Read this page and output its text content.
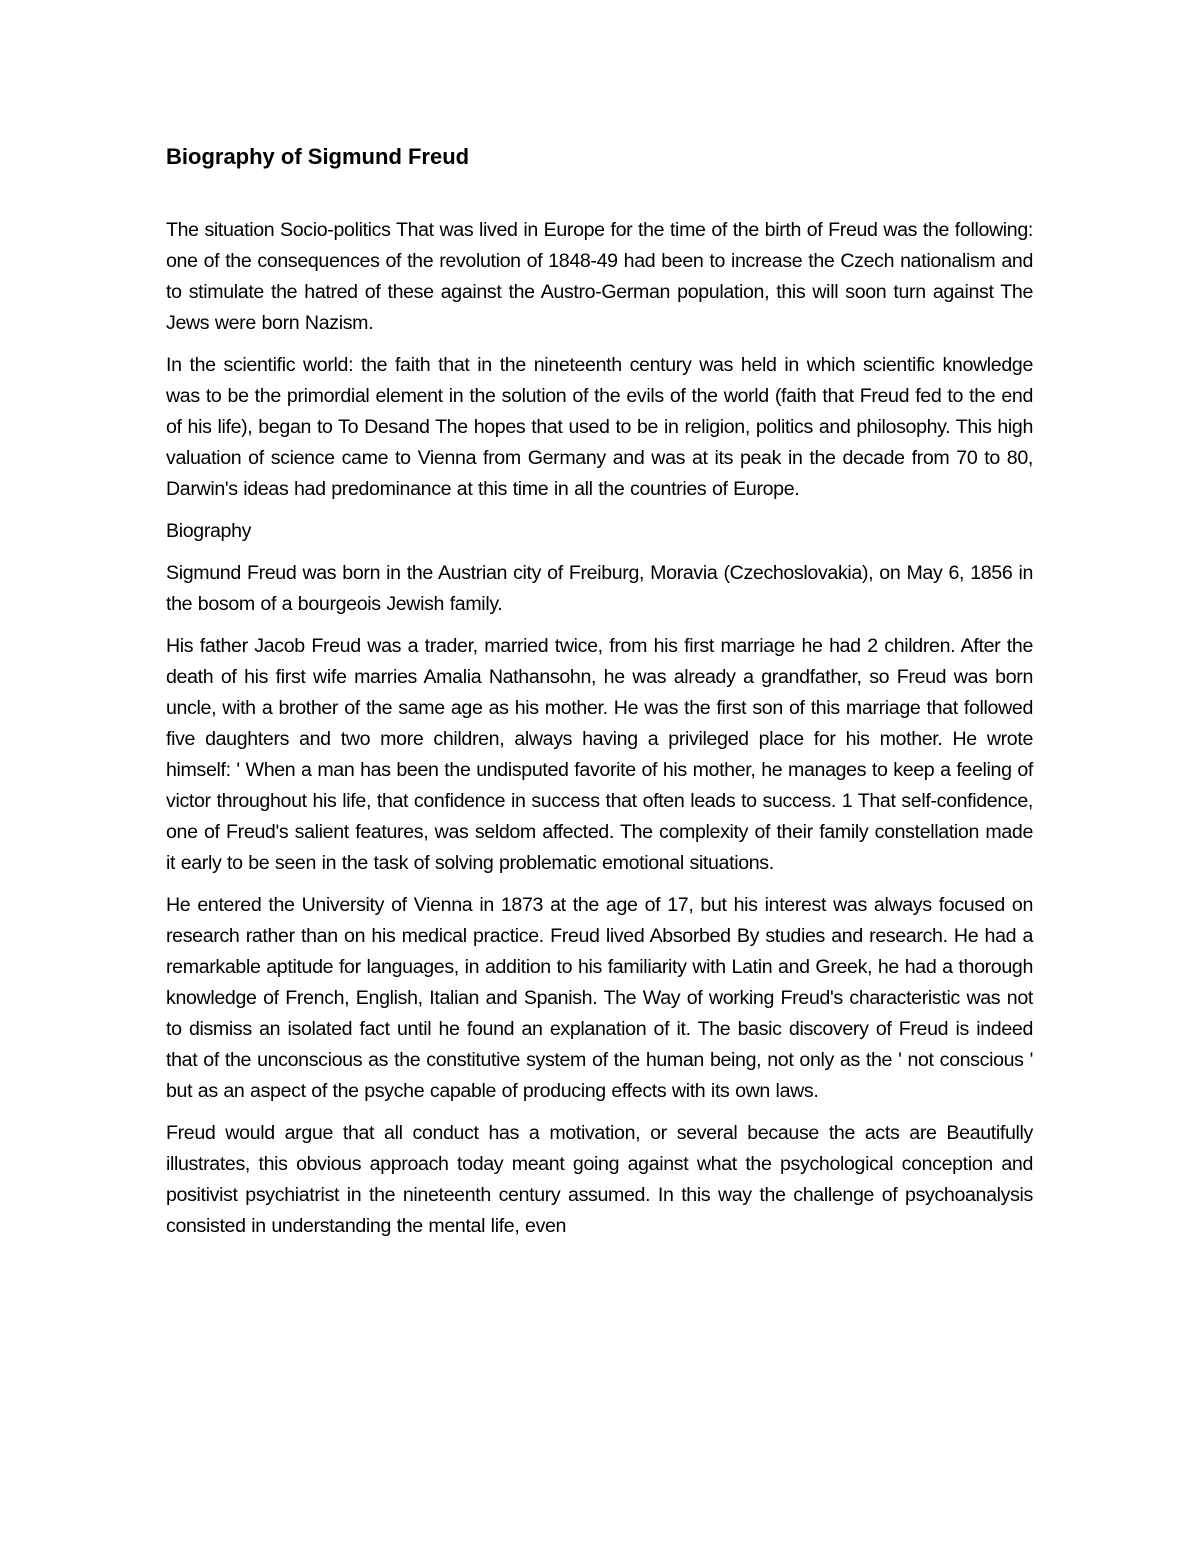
Biography of Sigmund Freud

The situation Socio-politics That was lived in Europe for the time of the birth of Freud was the following: one of the consequences of the revolution of 1848-49 had been to increase the Czech nationalism and to stimulate the hatred of these against the Austro-German population, this will soon turn against The Jews were born Nazism.

In the scientific world: the faith that in the nineteenth century was held in which scientific knowledge was to be the primordial element in the solution of the evils of the world (faith that Freud fed to the end of his life), began to To Desand The hopes that used to be in religion, politics and philosophy. This high valuation of science came to Vienna from Germany and was at its peak in the decade from 70 to 80, Darwin's ideas had predominance at this time in all the countries of Europe.

Biography

Sigmund Freud was born in the Austrian city of Freiburg, Moravia (Czechoslovakia), on May 6, 1856 in the bosom of a bourgeois Jewish family.

His father Jacob Freud was a trader, married twice, from his first marriage he had 2 children. After the death of his first wife marries Amalia Nathansohn, he was already a grandfather, so Freud was born uncle, with a brother of the same age as his mother. He was the first son of this marriage that followed five daughters and two more children, always having a privileged place for his mother. He wrote himself: ' When a man has been the undisputed favorite of his mother, he manages to keep a feeling of victor throughout his life, that confidence in success that often leads to success. 1 That self-confidence, one of Freud's salient features, was seldom affected. The complexity of their family constellation made it early to be seen in the task of solving problematic emotional situations.

He entered the University of Vienna in 1873 at the age of 17, but his interest was always focused on research rather than on his medical practice. Freud lived Absorbed By studies and research. He had a remarkable aptitude for languages, in addition to his familiarity with Latin and Greek, he had a thorough knowledge of French, English, Italian and Spanish. The Way of working Freud's characteristic was not to dismiss an isolated fact until he found an explanation of it. The basic discovery of Freud is indeed that of the unconscious as the constitutive system of the human being, not only as the ' not conscious ' but as an aspect of the psyche capable of producing effects with its own laws.

Freud would argue that all conduct has a motivation, or several because the acts are Beautifully illustrates, this obvious approach today meant going against what the psychological conception and positivist psychiatrist in the nineteenth century assumed. In this way the challenge of psychoanalysis consisted in understanding the mental life, even
